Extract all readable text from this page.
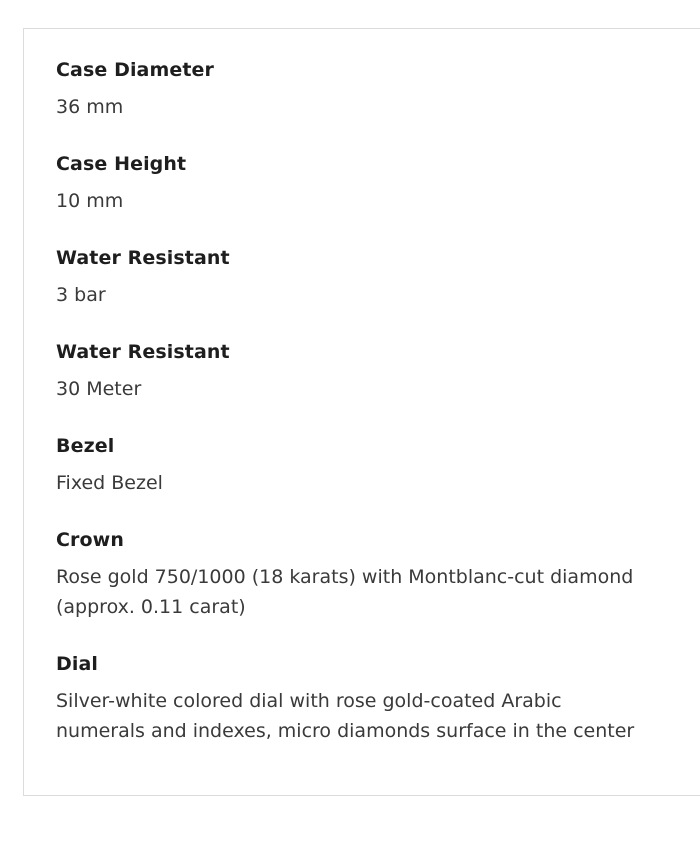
Case Diameter
36 mm
Case Height
10 mm
Water Resistant
3 bar
Water Resistant
30 Meter
Bezel
Fixed Bezel
Crown
Rose gold 750/1000 (18 karats) with Montblanc-cut diamond (approx. 0.11 carat)
Dial
Silver-white colored dial with rose gold-coated Arabic numerals and indexes, micro diamonds surface in the center
